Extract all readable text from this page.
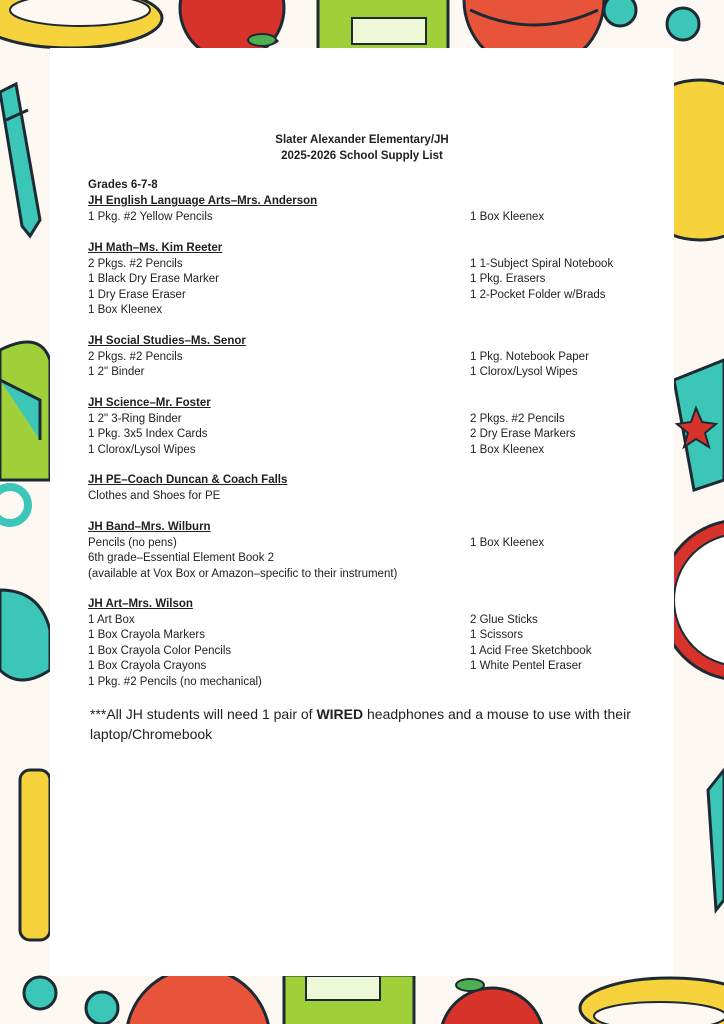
Slater Alexander Elementary/JH
2025-2026 School Supply List
Grades 6-7-8
JH English Language Arts–Mrs. Anderson
1 Pkg. #2 Yellow Pencils	1 Box Kleenex
JH Math–Ms. Kim Reeter
2 Pkgs. #2 Pencils
1 Black Dry Erase Marker
1 Dry Erase Eraser
1 Box Kleenex
1 1-Subject Spiral Notebook
1 Pkg. Erasers
1 2-Pocket Folder w/Brads
JH Social Studies–Ms. Senor
2 Pkgs. #2 Pencils
1 2" Binder
1 Pkg. Notebook Paper
1 Clorox/Lysol Wipes
JH Science–Mr. Foster
1 2" 3-Ring Binder
1 Pkg. 3x5 Index Cards
1 Clorox/Lysol Wipes
2 Pkgs. #2 Pencils
2 Dry Erase Markers
1 Box Kleenex
JH PE–Coach Duncan & Coach Falls
Clothes and Shoes for PE
JH Band–Mrs. Wilburn
Pencils (no pens)
6th grade–Essential Element Book 2
(available at Vox Box or Amazon–specific to their instrument)
1 Box Kleenex
JH Art–Mrs. Wilson
1 Art Box
1 Box Crayola Markers
1 Box Crayola Color Pencils
1 Box Crayola Crayons
1 Pkg. #2 Pencils (no mechanical)
2 Glue Sticks
1 Scissors
1 Acid Free Sketchbook
1 White Pentel Eraser
***All JH students will need 1 pair of WIRED headphones and a mouse to use with their laptop/Chromebook
